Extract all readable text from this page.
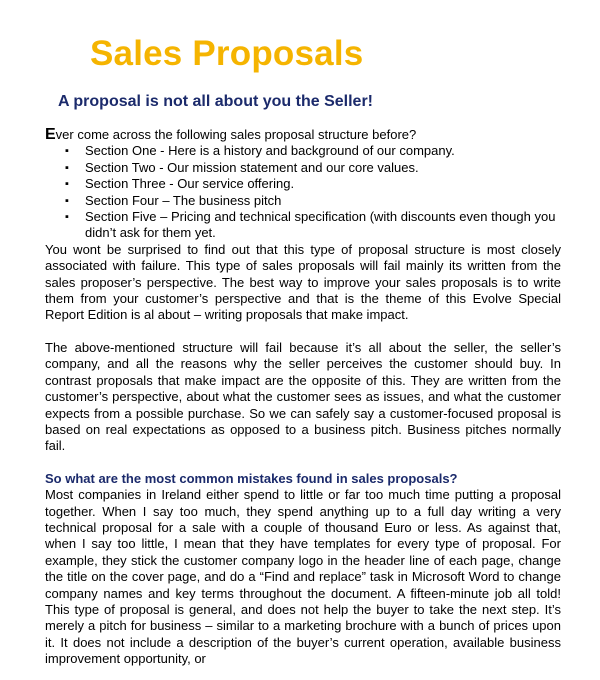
Sales Proposals
A proposal is not all about you the Seller!

Ever come across the following sales proposal structure before?

▪ Section One - Here is a history and background of our company.
▪ Section Two - Our mission statement and our core values.
▪ Section Three - Our service offering.
▪ Section Four – The business pitch
▪ Section Five – Pricing and technical specification (with discounts even though you didn’t ask for them yet.

You wont be surprised to find out that this type of proposal structure is most closely associated with failure. This type of sales proposals will fail mainly its written from the sales proposer’s perspective. The best way to improve your sales proposals is to write them from your customer’s perspective and that is the theme of this Evolve Special Report Edition is al about – writing proposals that make impact.

The above-mentioned structure will fail because it’s all about the seller, the seller’s company, and all the reasons why the seller perceives the customer should buy. In contrast proposals that make impact are the opposite of this. They are written from the customer’s perspective, about what the customer sees as issues, and what the customer expects from a possible purchase. So we can safely say a customer-focused proposal is based on real expectations as opposed to a business pitch. Business pitches normally fail.

So what are the most common mistakes found in sales proposals?

Most companies in Ireland either spend to little or far too much time putting a proposal together. When I say too much, they spend anything up to a full day writing a very technical proposal for a sale with a couple of thousand Euro or less. As against that, when I say too little, I mean that they have templates for every type of proposal. For example, they stick the customer company logo in the header line of each page, change the title on the cover page, and do a “Find and replace” task in Microsoft Word to change company names and key terms throughout the document. A fifteen-minute job all told! This type of proposal is general, and does not help the buyer to take the next step. It’s merely a pitch for business – similar to a marketing brochure with a bunch of prices upon it. It does not include a description of the buyer’s current operation, available business improvement opportunity, or
